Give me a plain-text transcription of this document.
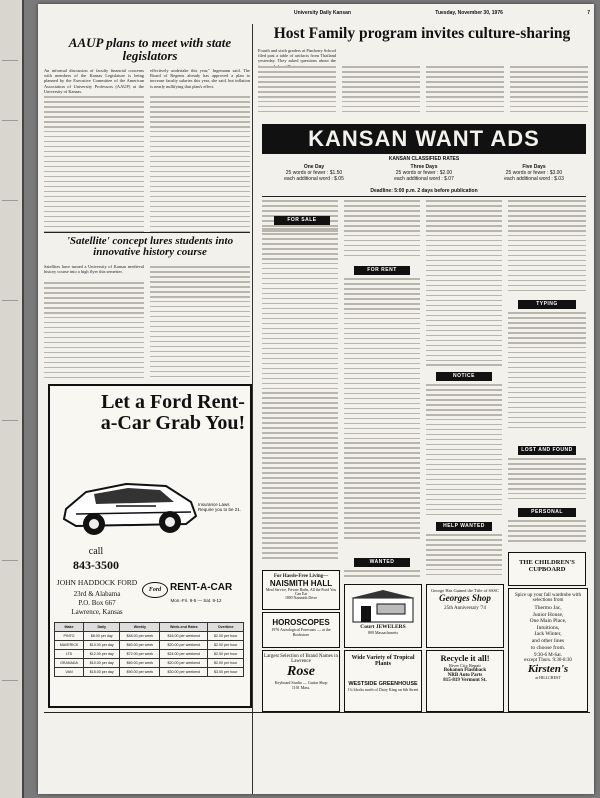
University Daily Kansan	Tuesday, November 30, 1976	7
AAUP plans to meet with state legislators
An informal discussion of faculty financial concerns with members of the Kansas Legislature is being planned by the Executive Committee of the American Association of University Professors (AAUP) at the University of Kansas.
effectively undertake this year," Ingemann said. The Board of Regents already has approved a plan to increase faculty salaries this year, she said, but inflation is nearly nullifying that plan's effect.
'Satellite' concept lures students into innovative history course
Satellites have turned a University of Kansas medieval history course into a high flyer this semester.
Let a Ford Rent-a-Car Grab You!
Insurance Laws Require you to be 21.
call
843-3500
JOHN HADDOCK FORD
23rd & Alabama
P.O. Box 667
Lawrence, Kansas
Ford RENT-A-CAR
Mon.-Fri. 9-5 — Sat. 9-12
Make	Daily	Weekly	Week-end Rates	Overtime
PINTO	$8.00 per day	$48.00 per week	$16.00 per weekend	$2.00 per hour
MAVERICK	$10.00 per day	$60.00 per week	$20.00 per weekend	$2.00 per hour
LTD	$12.00 per day	$72.00 per week	$24.00 per weekend	$2.50 per hour
GRANADA	$10.00 per day	$60.00 per week	$20.00 per weekend	$2.00 per hour
VAN	$15.00 per day	$90.00 per week	$30.00 per weekend	$3.00 per hour
Host Family program invites culture-sharing
Fourth and sixth graders at Pinckney School filed past a table of artifacts from Thailand yesterday. They asked questions about the
KANSAN WANT ADS
KANSAN CLASSIFIED RATES
One Day
25 words or fewer : $1.50
each additional word : $.05
Three Days
25 words or fewer : $2.00
each additional word : $.07
Five Days
25 words or fewer : $3.00
each additional word : $.03
Deadline: 5:00 p.m. 2 days before publication
FOR SALE
FOR RENT
NOTICE
HELP WANTED
TYPING
LOST AND FOUND
PERSONAL
THE CHILDREN'S CUPBOARD
WANTED
For Hassle-Free Living—
NAISMITH HALL
Meal Service, Private Baths, All the Food You Can Eat
1800 Naismith Drive
HOROSCOPES
1976 Astrological Forecasts — at the Bookstore
Largest Selection of Brand Names in Lawrence
Rose
Keyboard Studio — Guitar Shop
1101 Mass.
Court JEWELERS
809 Massachusetts
Wide Variety of Tropical Plants
WESTSIDE GREENHOUSE
1¾ blocks north of Dairy King on 6th Street
George Has Gained the Title of SSSC
Georges Shop
25th Anniversary '74
Recycle it all!
River City Repair
Bokanon Flashback
NRB Auto Parts
815-819 Vermont St.
Spice up your fall wardrobe with selections from
Thermo Jac,
Junior House,
One Main Place,
Intuitions,
Jack Winter,
and other lines
to choose from.
9:30-6 M-Sat.
except Thurs. 9:30-8:30
Kirsten's
at HILLCREST
